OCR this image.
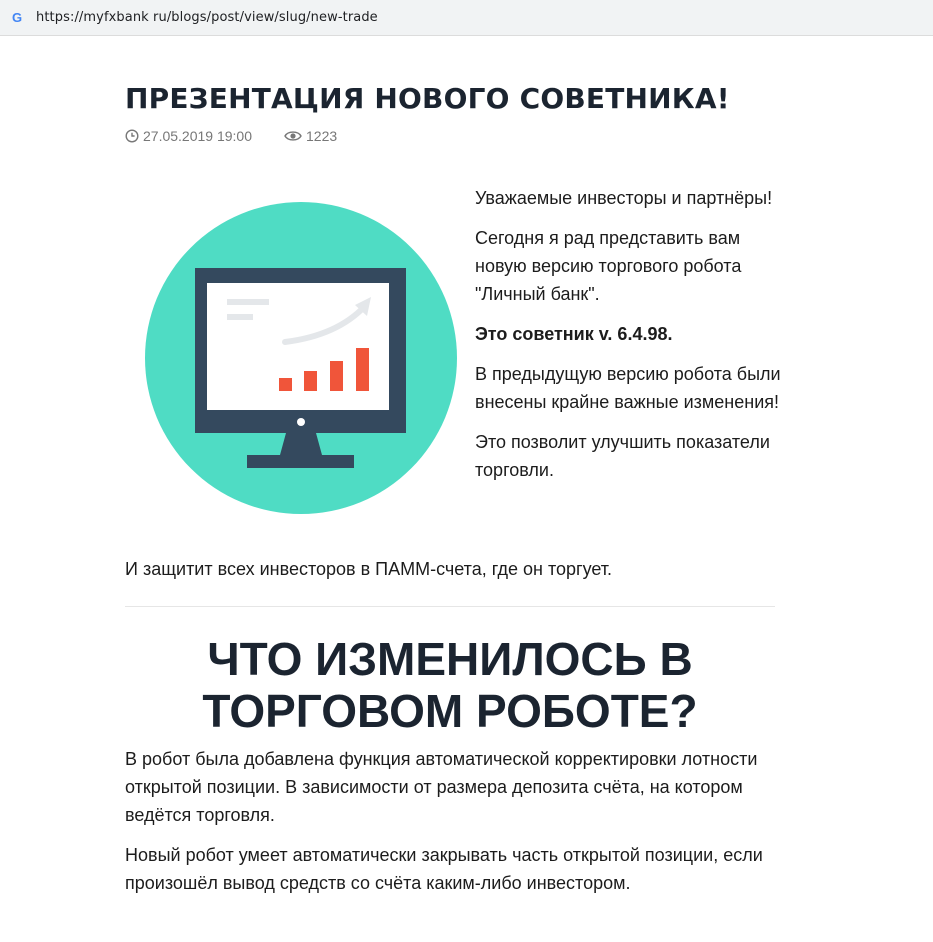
G https://myfxbank ru/blogs/post/view/slug/new-trade
ПРЕЗЕНТАЦИЯ НОВОГО СОВЕТНИКА!
27.05.2019 19:00	1223

Уважаемые инвесторы и партнёры!

Сегодня я рад представить вам новую версию торгового робота "Личный банк".

Это советник v. 6.4.98.

В предыдущую версию робота были внесены крайне важные изменения!

Это позволит улучшить показатели торговли.

И защитит всех инвесторов в ПАММ-счета, где он торгует.

ЧТО ИЗМЕНИЛОСЬ В ТОРГОВОМ РОБОТЕ?

В робот была добавлена функция автоматической корректировки лотности открытой позиции. В зависимости от размера депозита счёта, на котором ведётся торговля.

Новый робот умеет автоматически закрывать часть открытой позиции, если произошёл вывод средств со счёта каким-либо инвестором.
